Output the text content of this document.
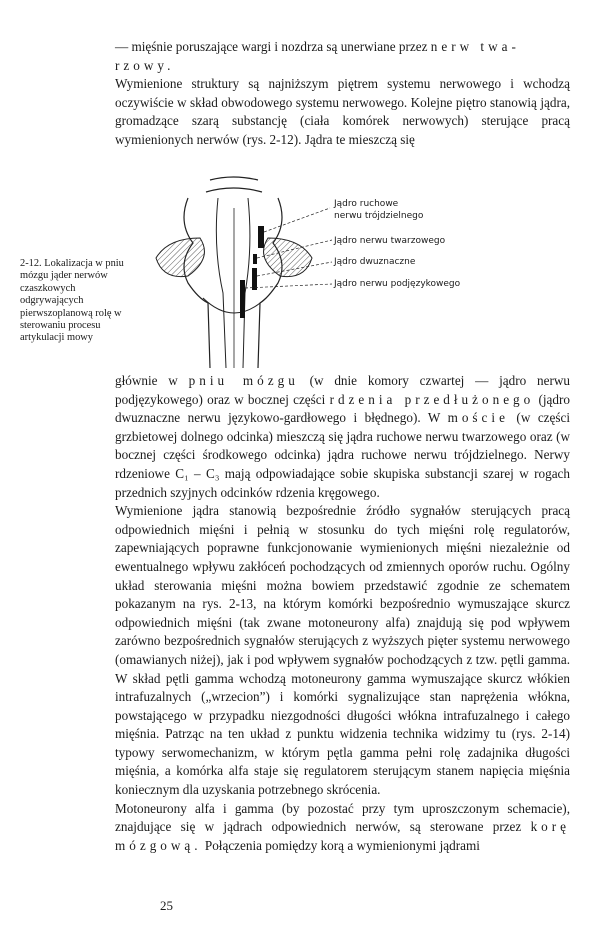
— mięśnie poruszające wargi i nozdrza są unerwiane przez nerw twa-
rzowy.

Wymienione struktury są najniższym piętrem systemu nerwowego i wchodzą oczywiście w skład obwodowego systemu nerwowego. Kolejne piętro stanowią jądra, gromadzące szarą substancję (ciała komórek nerwowych) sterujące pracą wymienionych nerwów (rys. 2-12). Jądra te mieszczą się

Jądro ruchowe
nerwu trójdzielnego
Jądro nerwu twarzowego
Jądro dwuznaczne
Jądro nerwu podjęzykowego
2-12. Lokalizacja w pniu mózgu jąder nerwów czaszkowych odgrywających pierwszoplanową rolę w sterowaniu procesu artykulacji mowy

głównie w pniu mózgu (w dnie komory czwartej — jądro nerwu podjęzykowego) oraz w bocznej części rdzenia przedłużonego (jądro dwuznaczne nerwu językowo-gardłowego i błędnego). W moście (w części grzbietowej dolnego odcinka) mieszczą się jądra ruchowe nerwu twarzowego oraz (w bocznej części środkowego odcinka) jądra ruchowe nerwu trójdzielnego. Nerwy rdzeniowe C₁ – C₃ mają odpowiadające sobie skupiska substancji szarej w rogach przednich szyjnych odcinków rdzenia kręgowego.

Wymienione jądra stanowią bezpośrednie źródło sygnałów sterujących pracą odpowiednich mięśni i pełnią w stosunku do tych mięśni rolę regulatorów, zapewniających poprawne funkcjonowanie wymienionych mięśni niezależnie od ewentualnego wpływu zakłóceń pochodzących od zmiennych oporów ruchu. Ogólny układ sterowania mięśni można bowiem przedstawić zgodnie ze schematem pokazanym na rys. 2-13, na którym komórki bezpośrednio wymuszające skurcz odpowiednich mięśni (tak zwane motoneurony alfa) znajdują się pod wpływem zarówno bezpośrednich sygnałów sterujących z wyższych pięter systemu nerwowego (omawianych niżej), jak i pod wpływem sygnałów pochodzących z tzw. pętli gamma. W skład pętli gamma wchodzą motoneurony gamma wymuszające skurcz włókien intrafuzalnych („wrzecion”) i komórki sygnalizujące stan naprężenia włókna, powstającego w przypadku niezgodności długości włókna intrafuzalnego i całego mięśnia. Patrząc na ten układ z punktu widzenia technika widzimy tu (rys. 2-14) typowy serwomechanizm, w którym pętla gamma pełni rolę zadajnika długości mięśnia, a komórka alfa staje się regulatorem sterującym stanem napięcia mięśnia koniecznym dla uzyskania potrzebnego skrócenia.

Motoneurony alfa i gamma (by pozostać przy tym uproszczonym schemacie), znajdujące się w jądrach odpowiednich nerwów, są sterowane przez korę mózgową. Połączenia pomiędzy korą a wymienionymi jądrami

25
